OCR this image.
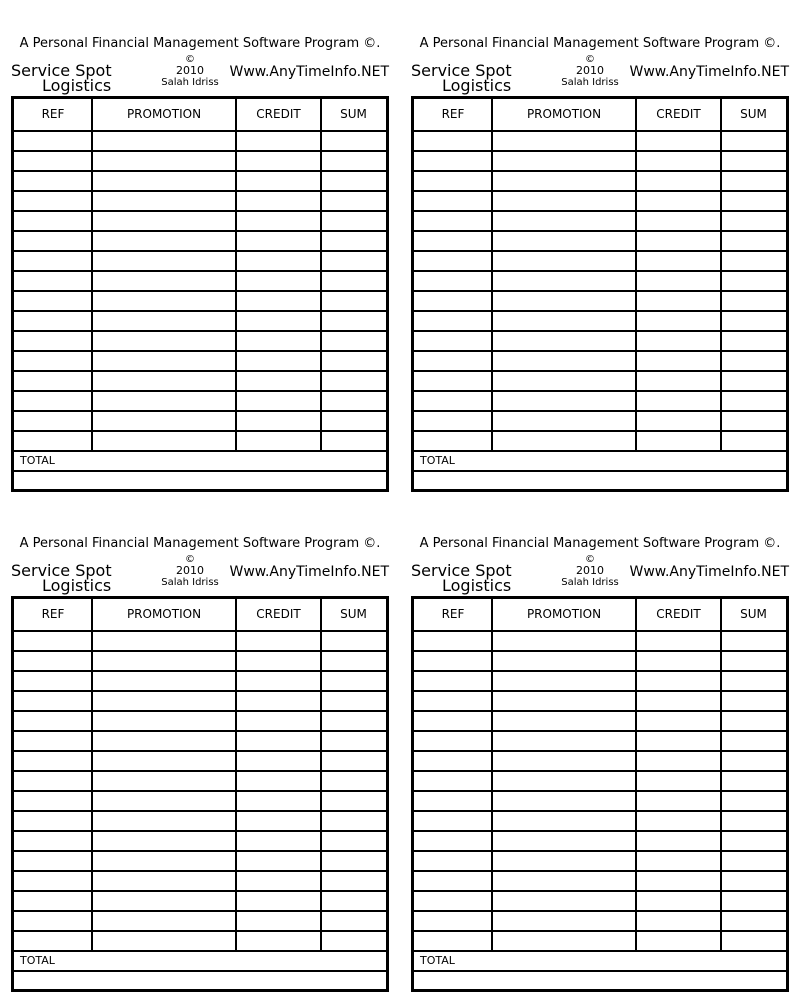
A Personal Financial Management Software Program ©.
Service Spot
Logistics
©
2010
Salah Idriss
Www.AnyTimeInfo.NET
REF	PROMOTION	CREDIT	SUM
TOTAL
A Personal Financial Management Software Program ©.
Service Spot
Logistics
©
2010
Salah Idriss
Www.AnyTimeInfo.NET
REF	PROMOTION	CREDIT	SUM
TOTAL
A Personal Financial Management Software Program ©.
Service Spot
Logistics
©
2010
Salah Idriss
Www.AnyTimeInfo.NET
REF	PROMOTION	CREDIT	SUM
TOTAL
A Personal Financial Management Software Program ©.
Service Spot
Logistics
©
2010
Salah Idriss
Www.AnyTimeInfo.NET
REF	PROMOTION	CREDIT	SUM
TOTAL
